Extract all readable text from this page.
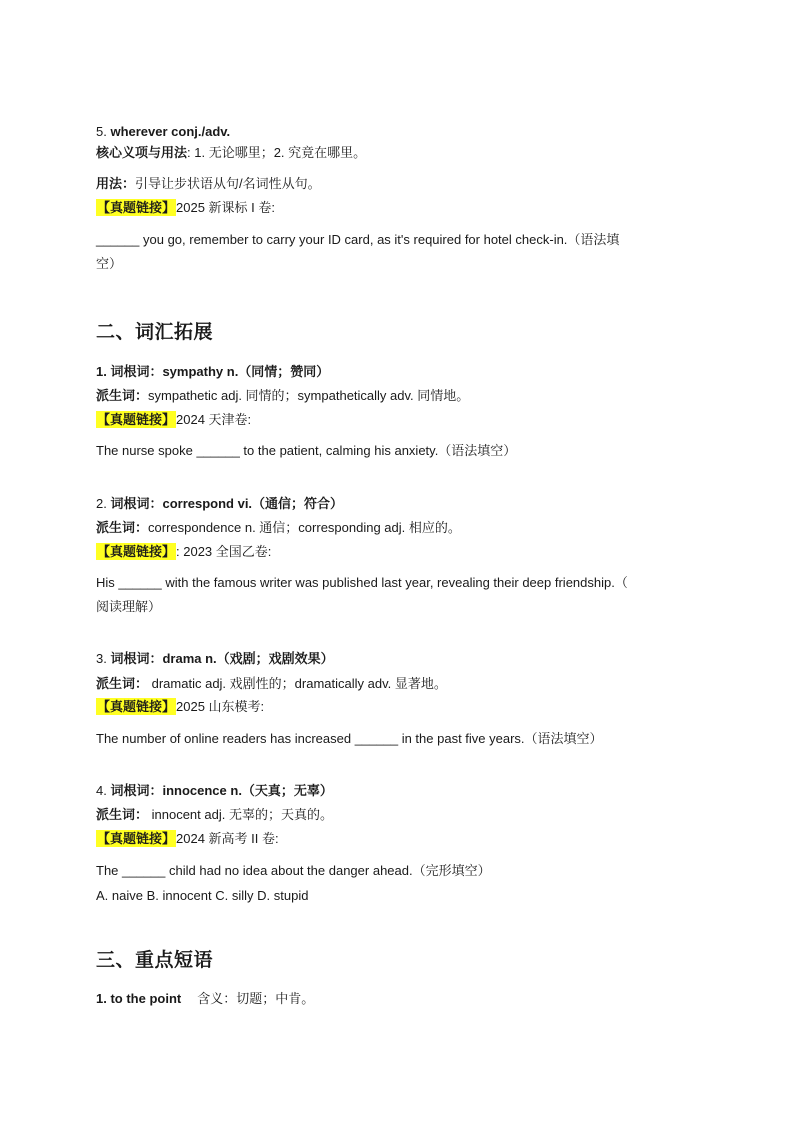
5. wherever conj./adv.
核心义项与用法: 1. 无论哪里；2. 究竟在哪里。
用法：引导让步状语从句/名词性从句。
【真题链接】2025 新课标 I 卷:
______ you go, remember to carry your ID card, as it's required for hotel check-in.（语法填
空）
二、词汇拓展
1. 词根词：sympathy n.（同情；赞同）
派生词：sympathetic adj. 同情的；sympathetically adv. 同情地。
【真题链接】2024 天津卷:
The nurse spoke ______ to the patient, calming his anxiety.（语法填空）
2. 词根词：correspond vi.（通信；符合）
派生词：correspondence n. 通信；corresponding adj. 相应的。
【真题链接】: 2023 全国乙卷:
His ______ with the famous writer was published last year, revealing their deep friendship.（
阅读理解）
3. 词根词：drama n.（戏剧；戏剧效果）
派生词： dramatic adj. 戏剧性的；dramatically adv. 显著地。
【真题链接】2025 山东模考:
The number of online readers has increased ______ in the past five years.（语法填空）
4. 词根词：innocence n.（天真；无辜）
派生词： innocent adj. 无辜的；天真的。
【真题链接】2024 新高考 II 卷:
The ______ child had no idea about the danger ahead.（完形填空）
A. naive B. innocent C. silly D. stupid
三、重点短语
1. to the point 含义：切题；中肯。
